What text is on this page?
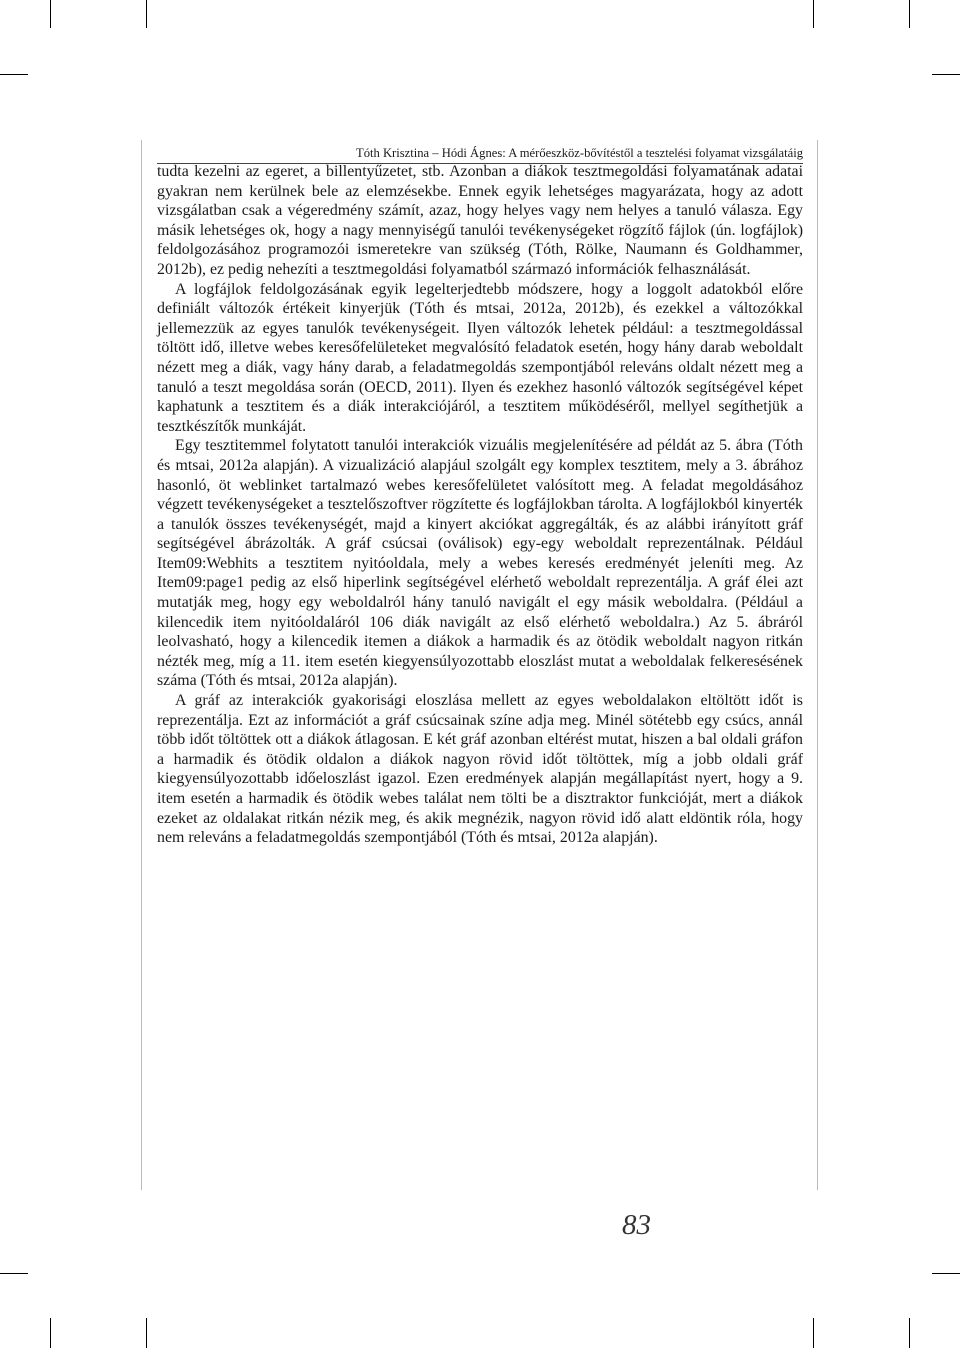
Tóth Krisztina – Hódi Ágnes: A mérőeszköz-bővítéstől a tesztelési folyamat vizsgálatáig

tudta kezelni az egeret, a billentyűzetet, stb. Azonban a diákok tesztmegoldási folyamatának adatai gyakran nem kerülnek bele az elemzésekbe. Ennek egyik lehetséges magyarázata, hogy az adott vizsgálatban csak a végeredmény számít, azaz, hogy helyes vagy nem helyes a tanuló válasza. Egy másik lehetséges ok, hogy a nagy mennyiségű tanulói tevékenységeket rögzítő fájlok (ún. logfájlok) feldolgozásához programozói ismeretekre van szükség (Tóth, Rölke, Naumann és Goldhammer, 2012b), ez pedig nehezíti a tesztmegoldási folyamatból származó információk felhasználását.

A logfájlok feldolgozásának egyik legelterjedtebb módszere, hogy a loggolt adatokból előre definiált változók értékeit kinyerjük (Tóth és mtsai, 2012a, 2012b), és ezekkel a változókkal jellemezzük az egyes tanulók tevékenységeit. Ilyen változók lehetek például: a tesztmegoldással töltött idő, illetve webes keresőfelületeket megvalósító feladatok esetén, hogy hány darab weboldalt nézett meg a diák, vagy hány darab, a feladatmegoldás szempontjából releváns oldalt nézett meg a tanuló a teszt megoldása során (OECD, 2011). Ilyen és ezekhez hasonló változók segítségével képet kaphatunk a tesztitem és a diák interakciójáról, a tesztitem működéséről, mellyel segíthetjük a tesztkészítők munkáját.

Egy tesztitemmel folytatott tanulói interakciók vizuális megjelenítésére ad példát az 5. ábra (Tóth és mtsai, 2012a alapján). A vizualizáció alapjául szolgált egy komplex tesztitem, mely a 3. ábrához hasonló, öt weblinket tartalmazó webes keresőfelületet valósított meg. A feladat megoldásához végzett tevékenységeket a tesztelőszoftver rögzítette és logfájlokban tárolta. A logfájlokból kinyerték a tanulók összes tevékenységét, majd a kinyert akciókat aggregálták, és az alábbi irányított gráf segítségével ábrázolták. A gráf csúcsai (oválisok) egy-egy weboldalt reprezentálnak. Például Item09:Webhits a tesztitem nyitóoldala, mely a webes keresés eredményét jeleníti meg. Az Item09:page1 pedig az első hiperlink segítségével elérhető weboldalt reprezentálja. A gráf élei azt mutatják meg, hogy egy weboldalról hány tanuló navigált el egy másik weboldalra. (Például a kilencedik item nyitóoldaláról 106 diák navigált az első elérhető weboldalra.) Az 5. ábráról leolvasható, hogy a kilencedik itemen a diákok a harmadik és az ötödik weboldalt nagyon ritkán nézték meg, míg a 11. item esetén kiegyensúlyozottabb eloszlást mutat a weboldalak felkeresésének száma (Tóth és mtsai, 2012a alapján).

A gráf az interakciók gyakorisági eloszlása mellett az egyes weboldalakon eltöltött időt is reprezentálja. Ezt az információt a gráf csúcsainak színe adja meg. Minél sötétebb egy csúcs, annál több időt töltöttek ott a diákok átlagosan. E két gráf azonban eltérést mutat, hiszen a bal oldali gráfon a harmadik és ötödik oldalon a diákok nagyon rövid időt töltöttek, míg a jobb oldali gráf kiegyensúlyozottabb időeloszlást igazol. Ezen eredmények alapján megállapítást nyert, hogy a 9. item esetén a harmadik és ötödik webes találat nem tölti be a disztraktor funkcióját, mert a diákok ezeket az oldalakat ritkán nézik meg, és akik megnézik, nagyon rövid idő alatt eldöntik róla, hogy nem releváns a feladatmegoldás szempontjából (Tóth és mtsai, 2012a alapján).

83
